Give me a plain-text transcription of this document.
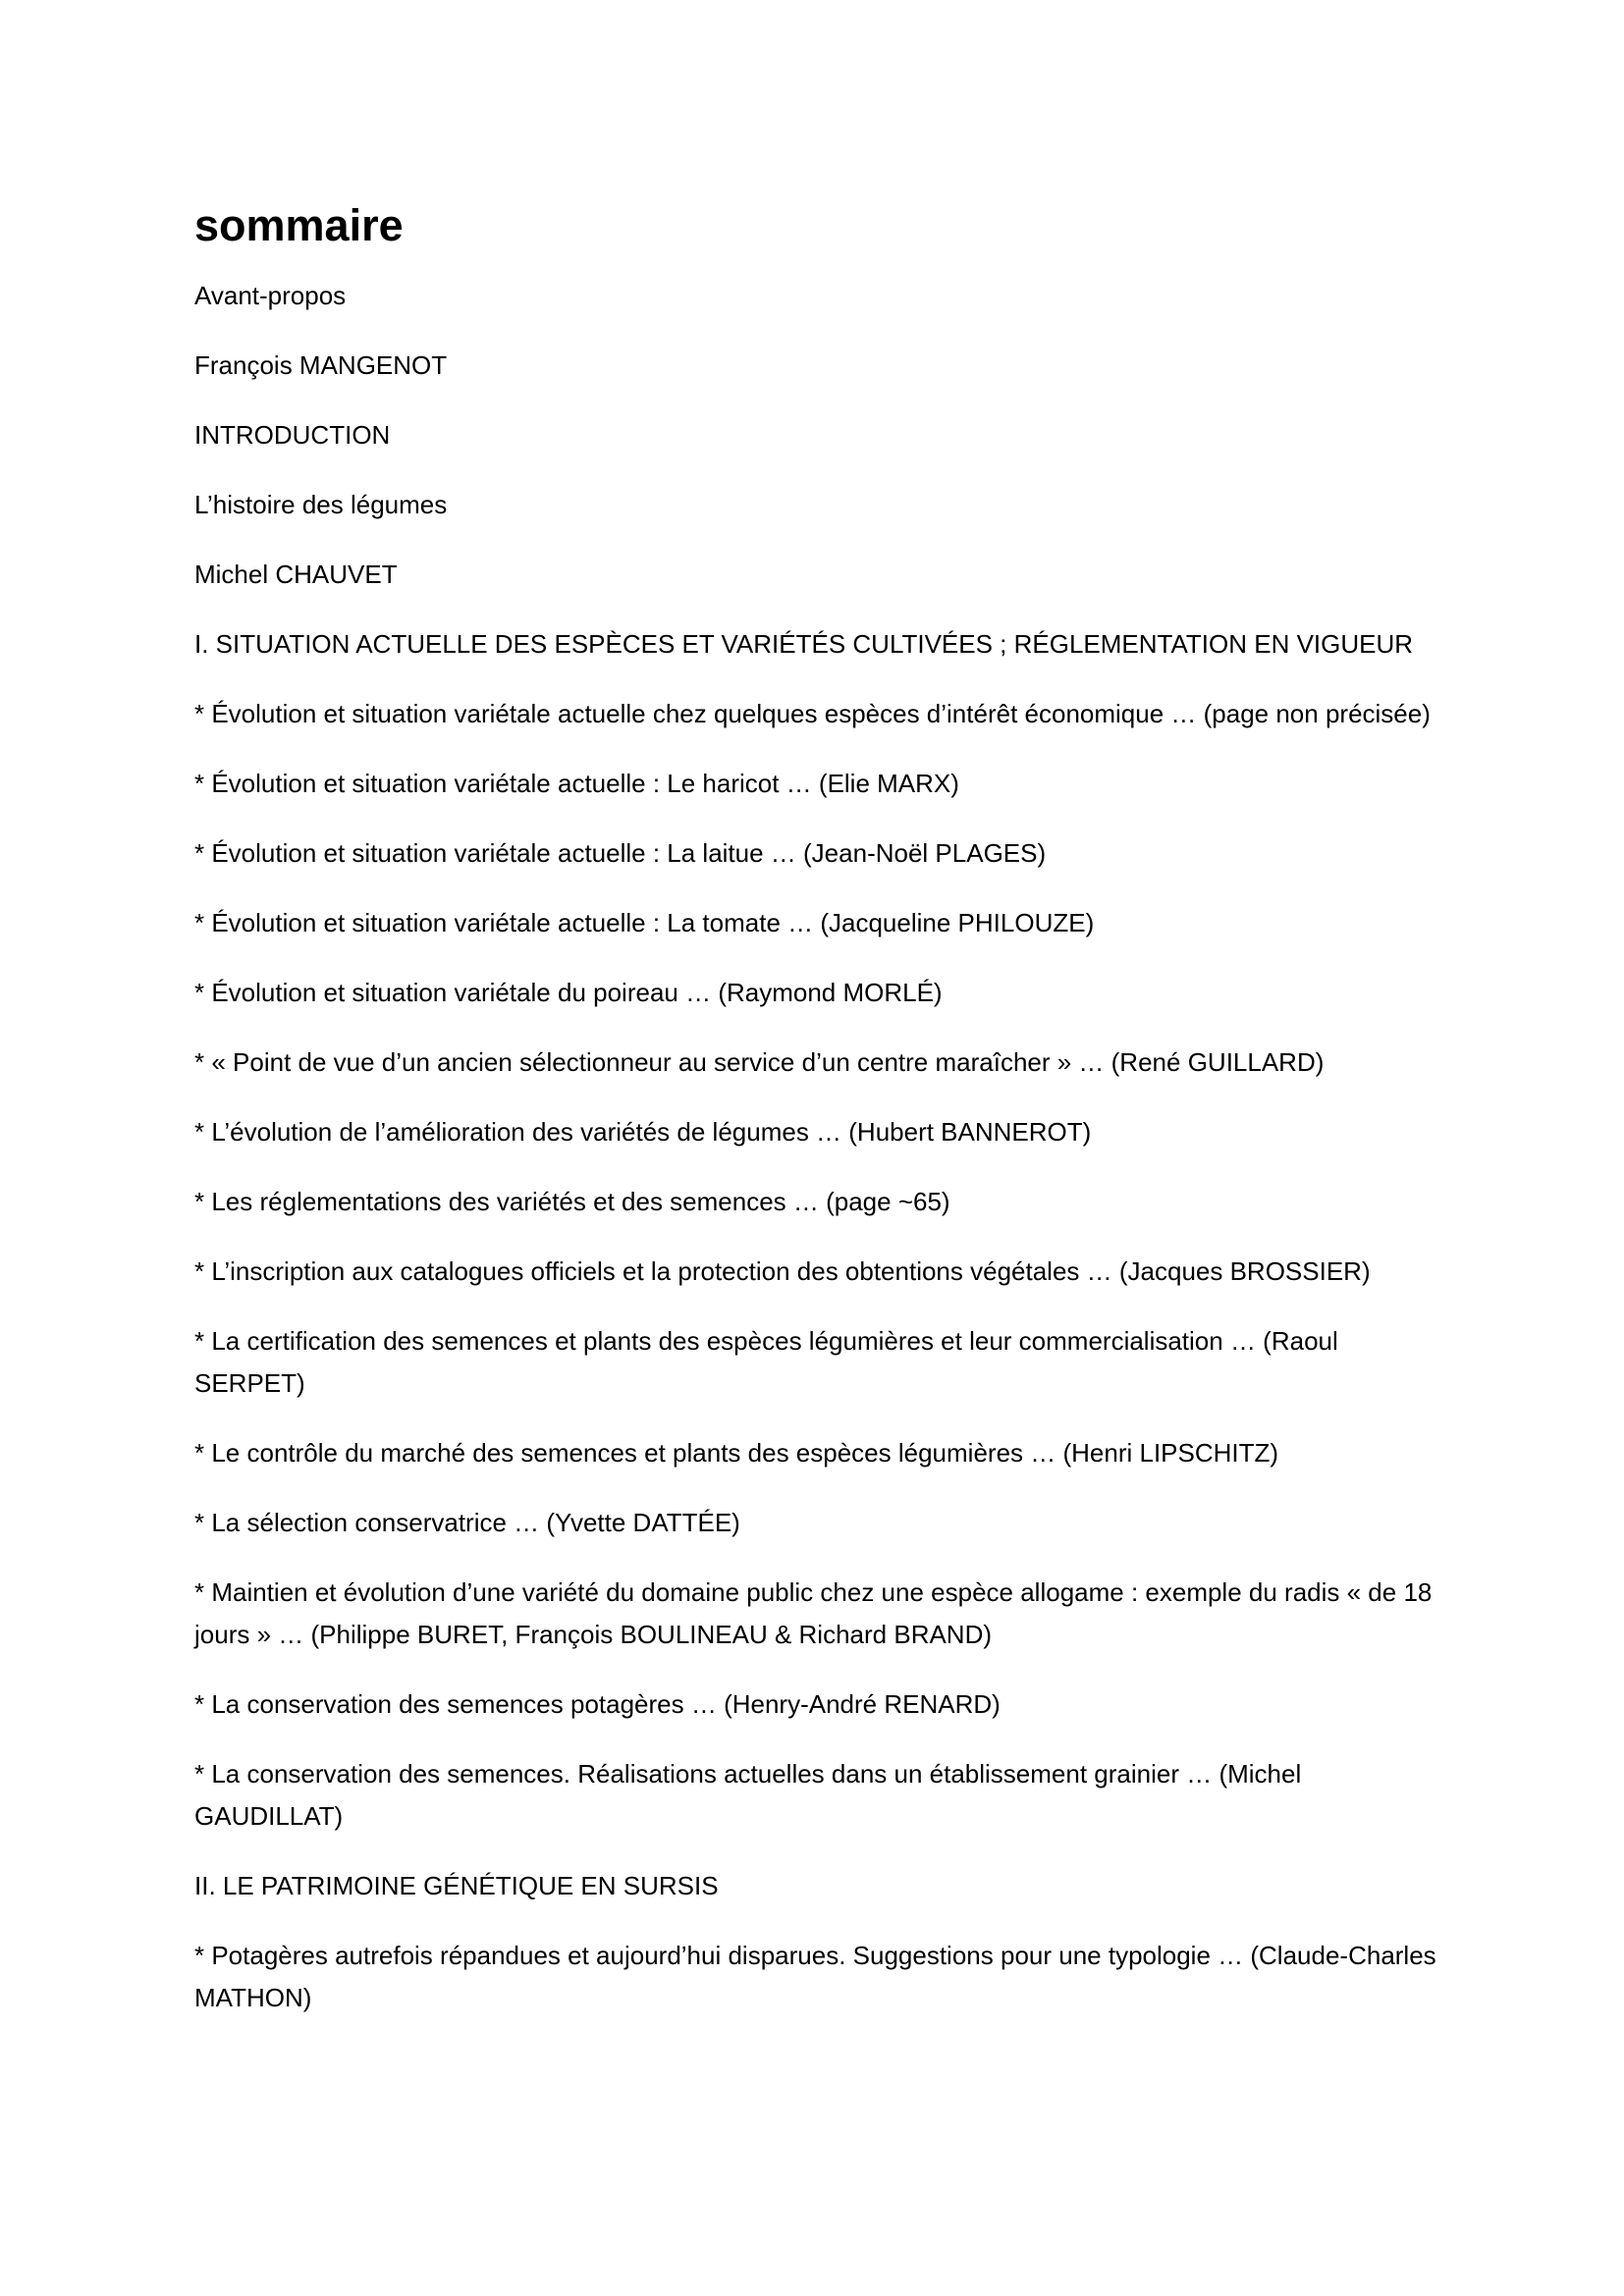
sommaire
Avant-propos
François MANGENOT
INTRODUCTION
L’histoire des légumes
Michel CHAUVET
I. SITUATION ACTUELLE DES ESPÈCES ET VARIÉTÉS CULTIVÉES ; RÉGLEMENTATION EN VIGUEUR
* Évolution et situation variétale actuelle chez quelques espèces d’intérêt économique … (page non précisée)
* Évolution et situation variétale actuelle : Le haricot … (Elie MARX)
* Évolution et situation variétale actuelle : La laitue … (Jean-Noël PLAGES)
* Évolution et situation variétale actuelle : La tomate … (Jacqueline PHILOUZE)
* Évolution et situation variétale du poireau … (Raymond MORLÉ)
* « Point de vue d’un ancien sélectionneur au service d’un centre maraîcher » … (René GUILLARD)
* L’évolution de l’amélioration des variétés de légumes … (Hubert BANNEROT)
* Les réglementations des variétés et des semences … (page ~65)
* L’inscription aux catalogues officiels et la protection des obtentions végétales … (Jacques BROSSIER)
* La certification des semences et plants des espèces légumières et leur commercialisation … (Raoul SERPET)
* Le contrôle du marché des semences et plants des espèces légumières … (Henri LIPSCHITZ)
* La sélection conservatrice … (Yvette DATTÉE)
* Maintien et évolution d’une variété du domaine public chez une espèce allogame : exemple du radis « de 18 jours » … (Philippe BURET, François BOULINEAU & Richard BRAND)
* La conservation des semences potagères … (Henry-André RENARD)
* La conservation des semences. Réalisations actuelles dans un établissement grainier … (Michel GAUDILLAT)
II. LE PATRIMOINE GÉNÉTIQUE EN SURSIS
* Potagères autrefois répandues et aujourd’hui disparues. Suggestions pour une typologie … (Claude-Charles MATHON)
